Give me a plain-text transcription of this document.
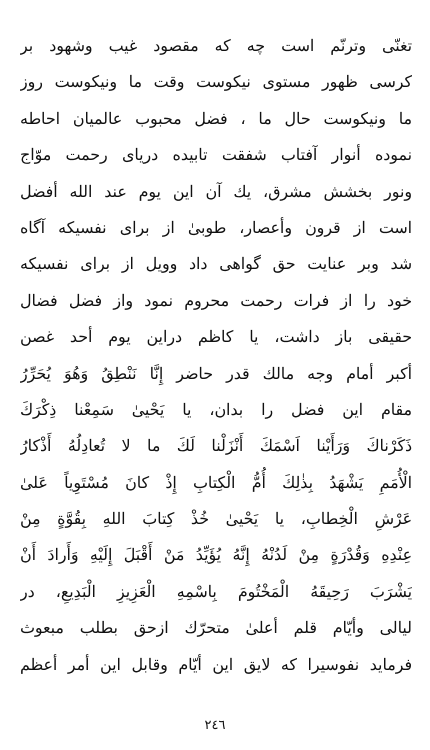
تغنّى وترنّم است چه كه مقصود غيب وشهود بر
كرسى ظهور مستوى نيكوست وقت ما ونيكوست روز
ما ونيكوست حال ما ، فضل محبوب عالميان احاطه
نموده أنوار آفتاب شفقت تابيده درياى رحمت موّاج
ونور بخشش مشرق، يك آن اين يوم عند الله أفضل
است از قرون وأعصار، طوبىٰ از براى نفسيكه آگاه
شد وبر عنايت حق گواهى داد وويل از براى نفسيكه
خود را از فرات رحمت محروم نمود واز فضل فضال
حقيقى باز داشت، يا كاظم دراين يوم أحد غصن
أكبر أمام وجه مالك قدر حاضر إِنَّا نَنْطِقُ وَهُوَ يُحَرِّرُ
مقام اين فضل را بدان، يا يَحْيىٰ سَمِعْنا ذِكْرَكَ
ذَكَرْناكَ وَرَأَيْنا اَسْمَكَ أَنْزَلْنا لَكَ ما لا تُعادِلُهُ أَذْكارُ
الْأُمَمِ يَشْهَدُ بِذٰلِكَ أُمُّ الْكِتابِ إِذْ كانَ مُسْتَوِياً عَلىٰ
عَرْشِ الْخِطابِ، يا يَحْيىٰ خُذْ كِتابَ اللهِ بِقُوَّةٍ مِنْ
عِنْدِهِ وَقُدْرَةٍ مِنْ لَدُنْهُ إِنَّهُ يُؤَيِّدُ مَنْ أَقْبَلَ إِلَيْهِ وَأَرادَ أَنْ
يَشْرَبَ رَحِيقَهُ الْمَخْتُومَ بِاسْمِهِ الْعَزِيزِ الْبَدِيعِ، در
ليالى وأيّام قلم أعلىٰ متحرّك ازحق بطلب مبعوث
فرمايد نفوسيرا كه لايق اين أيّام وقابل اين أمر أعظم
٢٤٦
